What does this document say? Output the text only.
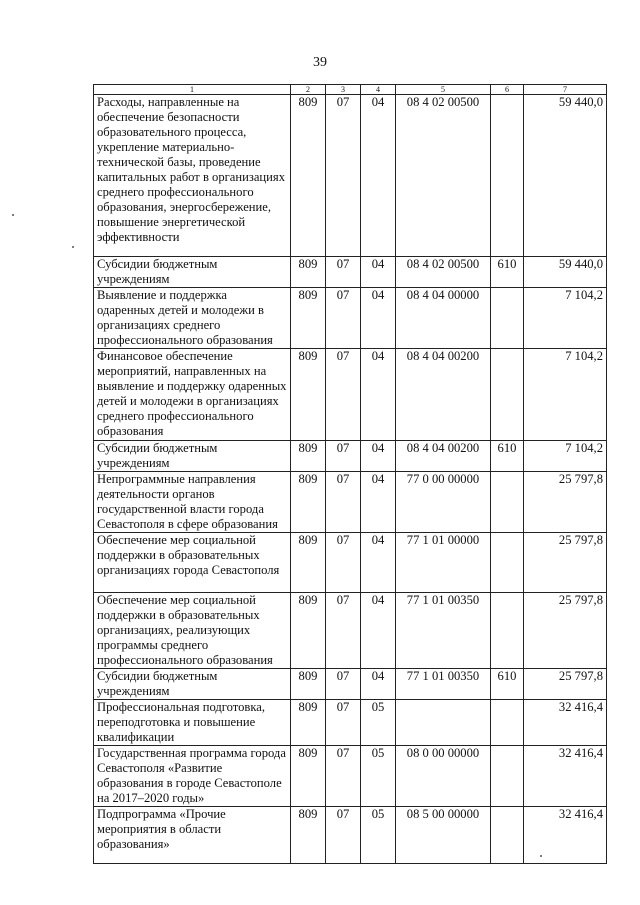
39
1	2	3	4	5	6	7
Расходы, направленные на обеспечение безопасности образовательного процесса, укрепление материально-технической базы, проведение капитальных работ в организациях среднего профессионального образования, энергосбережение, повышение энергетической эффективности	809	07	04	08 4 02 00500		59 440,0
Субсидии бюджетным учреждениям	809	07	04	08 4 02 00500	610	59 440,0
Выявление и поддержка одаренных детей и молодежи в организациях среднего профессионального образования	809	07	04	08 4 04 00000		7 104,2
Финансовое обеспечение мероприятий, направленных на выявление и поддержку одаренных детей и молодежи в организациях среднего профессионального образования	809	07	04	08 4 04 00200		7 104,2
Субсидии бюджетным учреждениям	809	07	04	08 4 04 00200	610	7 104,2
Непрограммные направления деятельности органов государственной власти города Севастополя в сфере образования	809	07	04	77 0 00 00000		25 797,8
Обеспечение мер социальной поддержки в образовательных организациях города Севастополя	809	07	04	77 1 01 00000		25 797,8
Обеспечение мер социальной поддержки в образовательных организациях, реализующих программы среднего профессионального образования	809	07	04	77 1 01 00350		25 797,8
Субсидии бюджетным учреждениям	809	07	04	77 1 01 00350	610	25 797,8
Профессиональная подготовка, переподготовка и повышение квалификации	809	07	05			32 416,4
Государственная программа города Севастополя «Развитие образования в городе Севастополе на 2017–2020 годы»	809	07	05	08 0 00 00000		32 416,4
Подпрограмма «Прочие мероприятия в области образования»	809	07	05	08 5 00 00000		32 416,4
